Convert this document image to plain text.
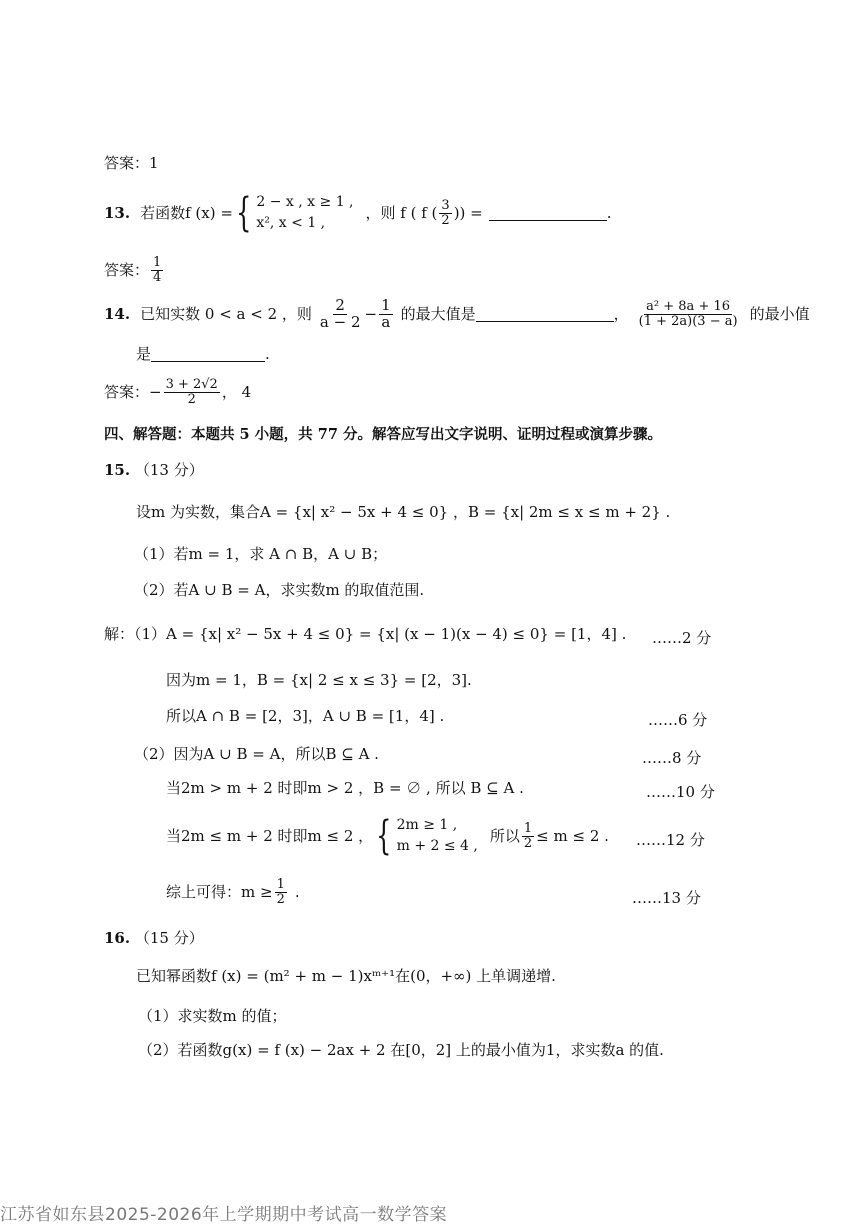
答案：1
13. 若函数f (x) = { 2 − x , x ≥ 1 ,
x², x < 1 ,
，则 f ( f ( $\frac{3}{2}$ )) =	.
答案： $\frac{1}{4}$
14. 已知实数 0 < a < 2 ，则 $\frac{2}{a - 2} - \frac{1}{a}$ 的最大值是	， $\frac{\text{a² + 8a + 16}}{(1 + 2a)(3 - a)}$ 的最小值
是	.
答案：− $\frac{3 + 2√2}{2}$ ， 4
四、解答题：本题共 5 小题，共 77 分。解答应写出文字说明、证明过程或演算步骤。
15. （13 分）
设m 为实数，集合A = {x| x² − 5x + 4 ≤ 0} ，B = {x| 2m ≤ x ≤ m + 2} .
（1）若m = 1，求 A ∩ B，A ∪ B；
（2）若A ∪ B = A，求实数m 的取值范围.
解：（1）A = {x| x² − 5x + 4 ≤ 0} = {x| (x − 1)(x − 4) ≤ 0} = [1，4] . ……2 分
因为m = 1，B = {x| 2 ≤ x ≤ 3} = [2，3].
所以A ∩ B = [2，3]，A ∪ B = [1，4] .	……6 分
（2）因为A ∪ B = A，所以B ⊆ A .	……8 分
当2m > m + 2 时即m > 2 ，B = ∅ , 所以 B ⊆ A .	……10 分
当2m ≤ m + 2 时即m ≤ 2 ， { 2m ≥ 1 ,
m + 2 ≤ 4 ,
所以 $\frac{1}{2} \le m \le 2$ . ……12 分
综上可得：$m \ge \frac{1}{2}$ .	……13 分
16. （15 分）
已知幂函数f (x) = (m² + m − 1)xᵐ⁺¹在(0，+∞) 上单调递增.
（1）求实数m 的值；
（2）若函数g(x) = f (x) − 2ax + 2 在[0，2] 上的最小值为1，求实数a 的值.
江苏省如东县2025-2026年上学期期中考试高一数学答案
